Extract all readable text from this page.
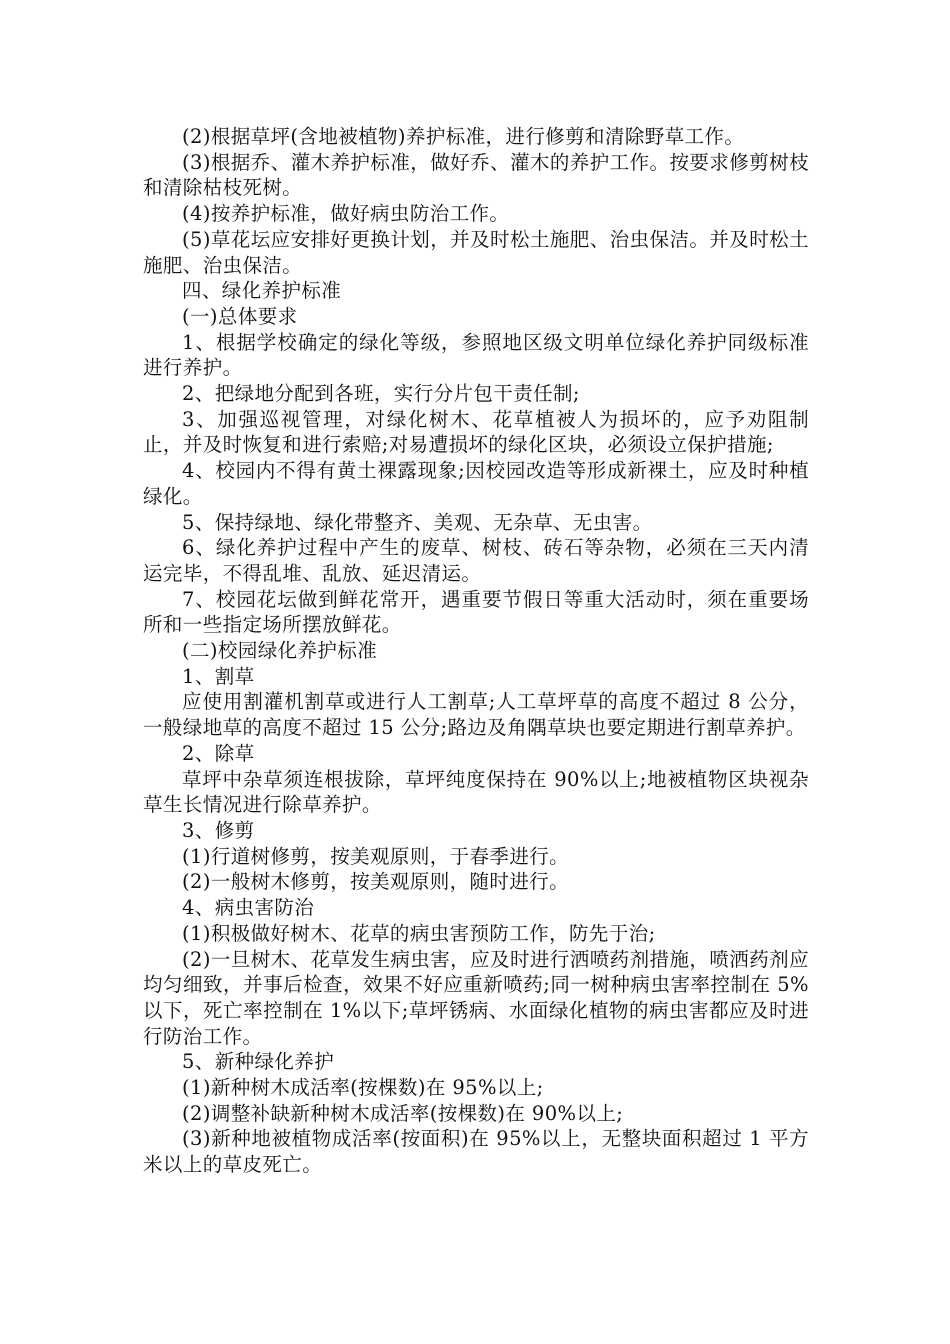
(2)根据草坪(含地被植物)养护标准，进行修剪和清除野草工作。

(3)根据乔、灌木养护标准，做好乔、灌木的养护工作。按要求修剪树枝和清除枯枝死树。

(4)按养护标准，做好病虫防治工作。

(5)草花坛应安排好更换计划，并及时松土施肥、治虫保洁。并及时松土施肥、治虫保洁。

四、绿化养护标准

(一)总体要求

1、根据学校确定的绿化等级，参照地区级文明单位绿化养护同级标准进行养护。

2、把绿地分配到各班，实行分片包干责任制;

3、加强巡视管理，对绿化树木、花草植被人为损坏的，应予劝阻制止，并及时恢复和进行索赔;对易遭损坏的绿化区块，必须设立保护措施;

4、校园内不得有黄土裸露现象;因校园改造等形成新裸土，应及时种植绿化。

5、保持绿地、绿化带整齐、美观、无杂草、无虫害。

6、绿化养护过程中产生的废草、树枝、砖石等杂物，必须在三天内清运完毕，不得乱堆、乱放、延迟清运。

7、校园花坛做到鲜花常开，遇重要节假日等重大活动时，须在重要场所和一些指定场所摆放鲜花。

(二)校园绿化养护标准

1、割草

应使用割灌机割草或进行人工割草;人工草坪草的高度不超过 8 公分，一般绿地草的高度不超过 15 公分;路边及角隅草块也要定期进行割草养护。

2、除草

草坪中杂草须连根拔除，草坪纯度保持在 90%以上;地被植物区块视杂草生长情况进行除草养护。

3、修剪

(1)行道树修剪，按美观原则，于春季进行。

(2)一般树木修剪，按美观原则，随时进行。

4、病虫害防治

(1)积极做好树木、花草的病虫害预防工作，防先于治;

(2)一旦树木、花草发生病虫害，应及时进行洒喷药剂措施，喷洒药剂应均匀细致，并事后检查，效果不好应重新喷药;同一树种病虫害率控制在 5%以下，死亡率控制在 1%以下;草坪锈病、水面绿化植物的病虫害都应及时进行防治工作。

5、新种绿化养护

(1)新种树木成活率(按棵数)在 95%以上;

(2)调整补缺新种树木成活率(按棵数)在 90%以上;

(3)新种地被植物成活率(按面积)在 95%以上，无整块面积超过 1 平方米以上的草皮死亡。
